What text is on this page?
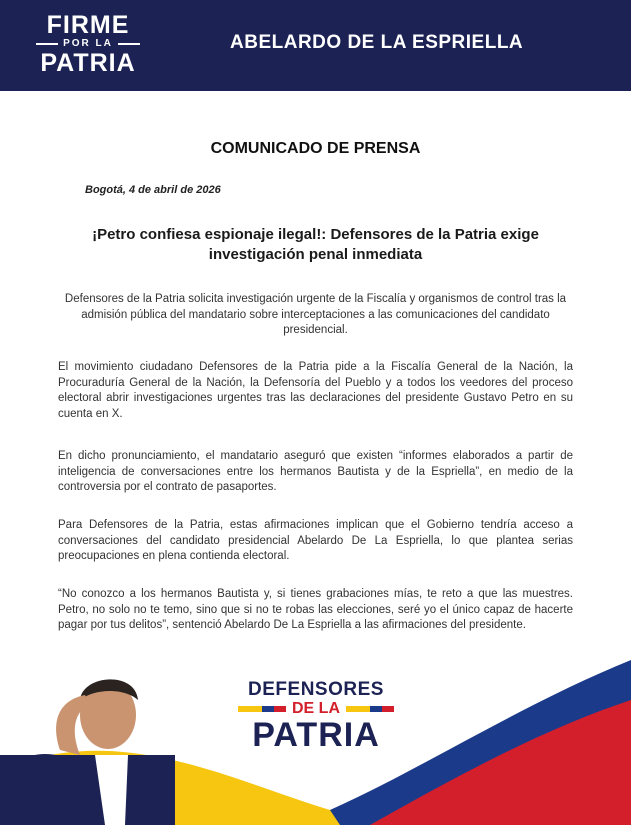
FIRME
POR LA
PATRIA
ABELARDO DE LA ESPRIELLA
COMUNICADO DE PRENSA
Bogotá, 4 de abril de 2026
¡Petro confiesa espionaje ilegal!: Defensores de la Patria exige investigación penal inmediata
Defensores de la Patria solicita investigación urgente de la Fiscalía y organismos de control tras la admisión pública del mandatario sobre interceptaciones a las comunicaciones del candidato presidencial.
El movimiento ciudadano Defensores de la Patria pide a la Fiscalía General de la Nación, la Procuraduría General de la Nación, la Defensoría del Pueblo y a todos los veedores del proceso electoral abrir investigaciones urgentes tras las declaraciones del presidente Gustavo Petro en su cuenta en X.
En dicho pronunciamiento, el mandatario aseguró que existen “informes elaborados a partir de inteligencia de conversaciones entre los hermanos Bautista y de la Espriella”, en medio de la controversia por el contrato de pasaportes.
Para Defensores de la Patria, estas afirmaciones implican que el Gobierno tendría acceso a conversaciones del candidato presidencial Abelardo De La Espriella, lo que plantea serias preocupaciones en plena contienda electoral.
“No conozco a los hermanos Bautista y, si tienes grabaciones mías, te reto a que las muestres. Petro, no solo no te temo, sino que si no te robas las elecciones, seré yo el único capaz de hacerte pagar por tus delitos”, sentenció Abelardo De La Espriella a las afirmaciones del presidente.
DEFENSORES
DE LA
PATRIA
